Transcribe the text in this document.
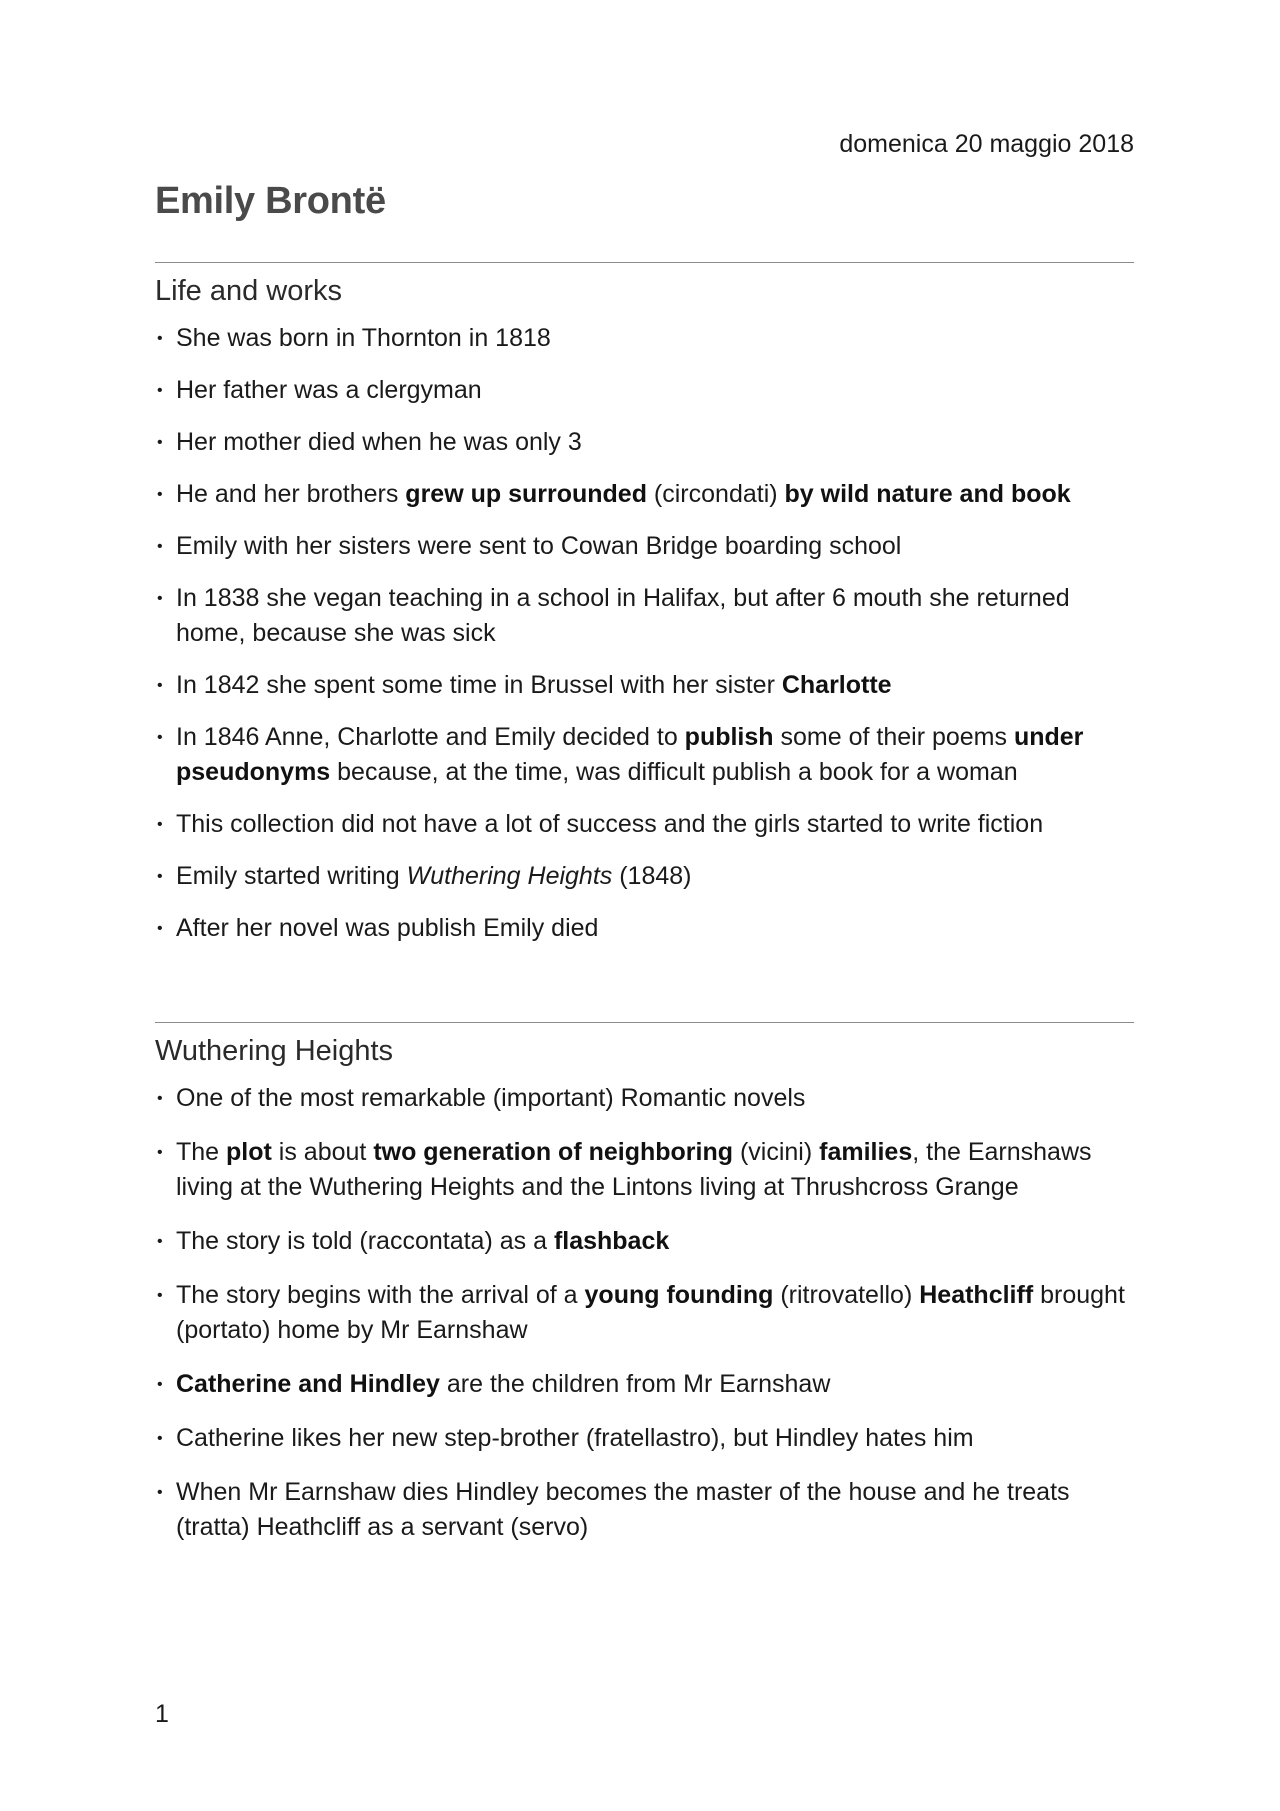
domenica 20 maggio 2018
Emily Brontë
Life and works
• She was born in Thornton in 1818
• Her father was a clergyman
• Her mother died when he was only 3
• He and her brothers grew up surrounded (circondati) by wild nature and book
• Emily with her sisters were sent to Cowan Bridge boarding school
• In 1838 she vegan teaching in a school in Halifax, but after 6 mouth she returned home, because she was sick
• In 1842 she spent some time in Brussel with her sister Charlotte
• In 1846 Anne, Charlotte and Emily decided to publish some of their poems under pseudonyms because, at the time, was difficult publish a book for a woman
• This collection did not have a lot of success and the girls started to write fiction
• Emily started writing Wuthering Heights (1848)
• After her novel was publish Emily died
Wuthering Heights
• One of the most remarkable (important) Romantic novels
• The plot is about two generation of neighboring (vicini) families, the Earnshaws living at the Wuthering Heights and the Lintons living at Thrushcross Grange
• The story is told (raccontata) as a flashback
• The story begins with the arrival of a young founding (ritrovatello) Heathcliff brought (portato) home by Mr Earnshaw
• Catherine and Hindley are the children from Mr Earnshaw
• Catherine likes her new step-brother (fratellastro), but Hindley hates him
• When Mr Earnshaw dies Hindley becomes the master of the house and he treats (tratta) Heathcliff as a servant (servo)
1
